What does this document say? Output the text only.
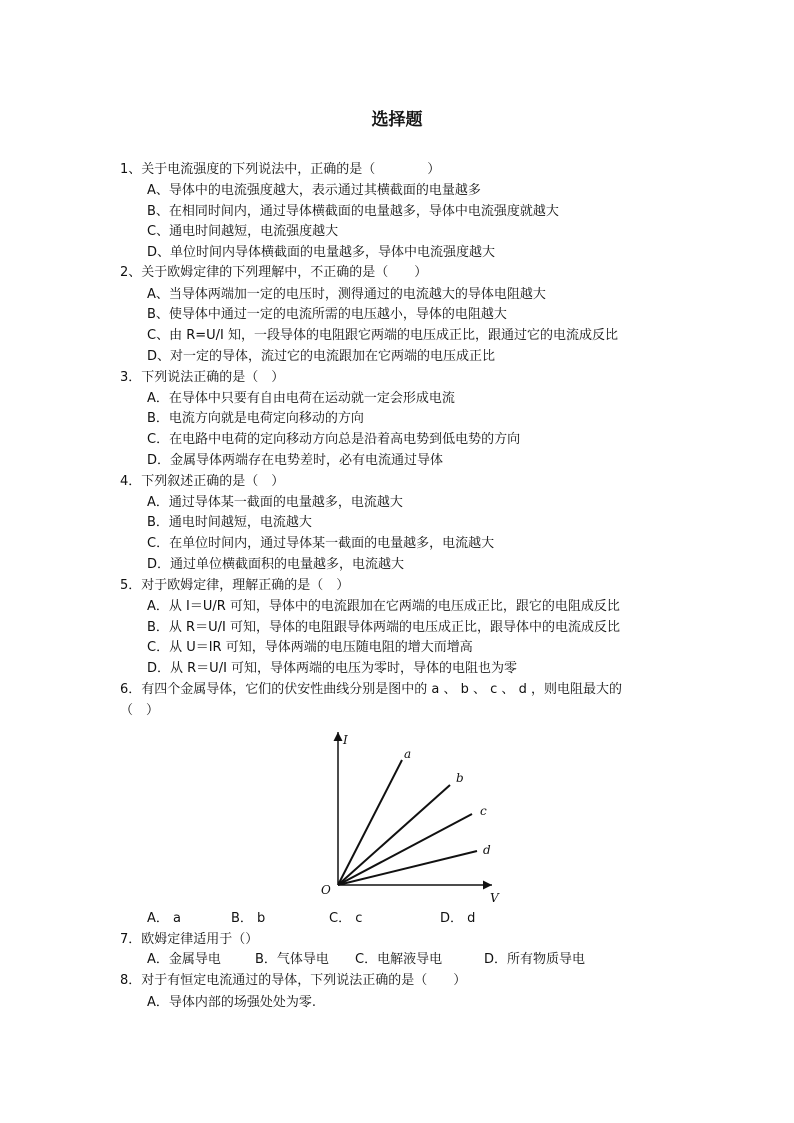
选择题
1、关于电流强度的下列说法中，正确的是（　　　　）
A、导体中的电流强度越大，表示通过其横截面的电量越多
B、在相同时间内，通过导体横截面的电量越多，导体中电流强度就越大
C、通电时间越短，电流强度越大
D、单位时间内导体横截面的电量越多，导体中电流强度越大
2、关于欧姆定律的下列理解中，不正确的是（　　）
A、当导体两端加一定的电压时，测得通过的电流越大的导体电阻越大
B、使导体中通过一定的电流所需的电压越小，导体的电阻越大
C、由 R=U/I 知，一段导体的电阻跟它两端的电压成正比，跟通过它的电流成反比
D、对一定的导体，流过它的电流跟加在它两端的电压成正比
3．下列说法正确的是（　）
A．在导体中只要有自由电荷在运动就一定会形成电流
B．电流方向就是电荷定向移动的方向
C．在电路中电荷的定向移动方向总是沿着高电势到低电势的方向
D．金属导体两端存在电势差时，必有电流通过导体
4．下列叙述正确的是（　）
A．通过导体某一截面的电量越多，电流越大
B．通电时间越短，电流越大
C．在单位时间内，通过导体某一截面的电量越多，电流越大
D．通过单位横截面积的电量越多，电流越大
5．对于欧姆定律，理解正确的是（　）
A．从 I＝U/R 可知，导体中的电流跟加在它两端的电压成正比，跟它的电阻成反比
B．从 R＝U/I 可知，导体的电阻跟导体两端的电压成正比，跟导体中的电流成反比
C．从 U＝IR 可知，导体两端的电压随电阻的增大而增高
D．从 R＝U/I 可知，导体两端的电压为零时，导体的电阻也为零
6．有四个金属导体，它们的伏安性曲线分别是图中的 a 、 b 、 c 、 d ，则电阻最大的
（　）
I
V
O
a
b
c
d
A． a	B． b	C． c	D． d
7．欧姆定律适用于（）
A．金属导电	B．气体导电 C．电解液导电	D．所有物质导电
8．对于有恒定电流通过的导体，下列说法正确的是（　　）
A．导体内部的场强处处为零.
